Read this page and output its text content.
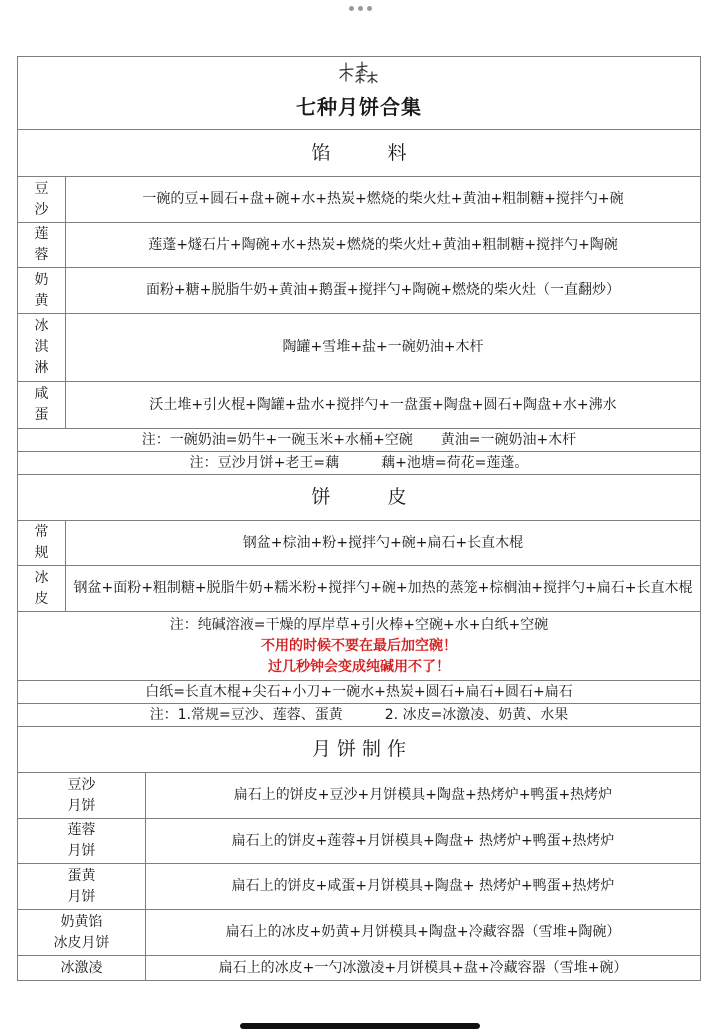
七种月饼合集
馅　　　料
豆沙
一碗的豆+圆石+盘+碗+水+热炭+燃烧的柴火灶+黄油+粗制糖+搅拌勺+碗
莲蓉
莲蓬+燧石片+陶碗+水+热炭+燃烧的柴火灶+黄油+粗制糖+搅拌勺+陶碗
奶黄
面粉+糖+脱脂牛奶+黄油+鹅蛋+搅拌勺+陶碗+燃烧的柴火灶（一直翻炒）
冰淇淋
陶罐+雪堆+盐+一碗奶油+木杆
咸蛋
沃土堆+引火棍+陶罐+盐水+搅拌勺+一盘蛋+陶盘+圆石+陶盘+水+沸水
注：一碗奶油=奶牛+一碗玉米+水桶+空碗　　黄油=一碗奶油+木杆
注：豆沙月饼+老王=藕　　　藕+池塘=荷花=莲蓬。
饼　　　皮
常规
钢盆+棕油+粉+搅拌勺+碗+扁石+长直木棍
冰皮
钢盆+面粉+粗制糖+脱脂牛奶+糯米粉+搅拌勺+碗+加热的蒸笼+棕榈油+搅拌勺+扁石+长直木棍
注：纯碱溶液=干燥的厚岸草+引火棒+空碗+水+白纸+空碗
不用的时候不要在最后加空碗！
过几秒钟会变成纯碱用不了！
白纸=长直木棍+尖石+小刀+一碗水+热炭+圆石+扁石+圆石+扁石
注：1.常规=豆沙、莲蓉、蛋黄　　　2. 冰皮=冰激凌、奶黄、水果
月 饼 制 作
豆沙
月饼
扁石上的饼皮+豆沙+月饼模具+陶盘+热烤炉+鸭蛋+热烤炉
莲蓉
月饼
扁石上的饼皮+莲蓉+月饼模具+陶盘+ 热烤炉+鸭蛋+热烤炉
蛋黄
月饼
扁石上的饼皮+咸蛋+月饼模具+陶盘+ 热烤炉+鸭蛋+热烤炉
奶黄馅
冰皮月饼
扁石上的冰皮+奶黄+月饼模具+陶盘+冷藏容器（雪堆+陶碗）
冰激凌	扁石上的冰皮+一勺冰激凌+月饼模具+盘+冷藏容器（雪堆+碗）
